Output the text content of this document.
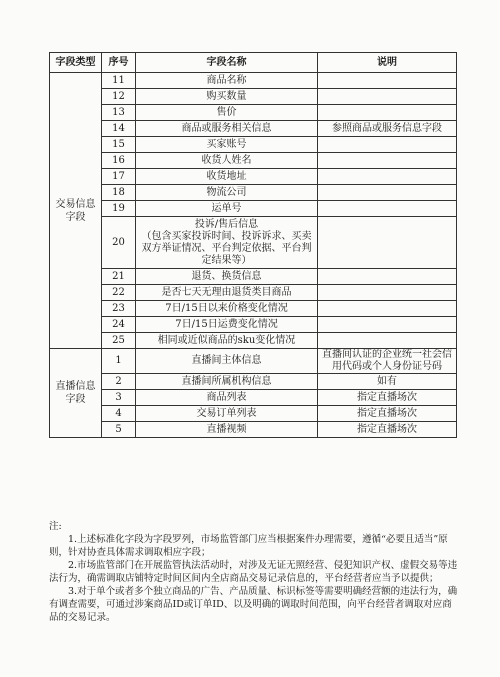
字段类型	序号	字段名称	说明
交易信息
字段	11	商品名称	
	12	购买数量	
	13	售价	
	14	商品或服务相关信息	参照商品或服务信息字段
	15	买家账号	
	16	收货人姓名	
	17	收货地址	
	18	物流公司	
	19	运单号	
	20	投诉/售后信息
（包含买家投诉时间、投诉诉求、买卖双方举证情况、平台判定依据、平台判定结果等）	
	21	退货、换货信息	
	22	是否七天无理由退货类目商品	
	23	7日/15日以来价格变化情况	
	24	7日/15日运费变化情况	
	25	相同或近似商品的sku变化情况	
直播信息
字段	1	直播间主体信息	直播间认证的企业统一社会信用代码或个人身份证号码
	2	直播间所属机构信息	如有
	3	商品列表	指定直播场次
	4	交易订单列表	指定直播场次
	5	直播视频	指定直播场次

注:

1.上述标准化字段为字段罗列，市场监管部门应当根据案件办理需要，遵循“必要且适当”原则，针对协查具体需求调取相应字段；

2.市场监管部门在开展监管执法活动时，对涉及无证无照经营、侵犯知识产权、虚假交易等违法行为，确需调取店铺特定时间区间内全店商品交易记录信息的，平台经营者应当予以提供；

3.对于单个或者多个独立商品的广告、产品质量、标识标签等需要明确经营额的违法行为，确有调查需要，可通过涉案商品ID或订单ID、以及明确的调取时间范围，向平台经营者调取对应商品的交易记录。
